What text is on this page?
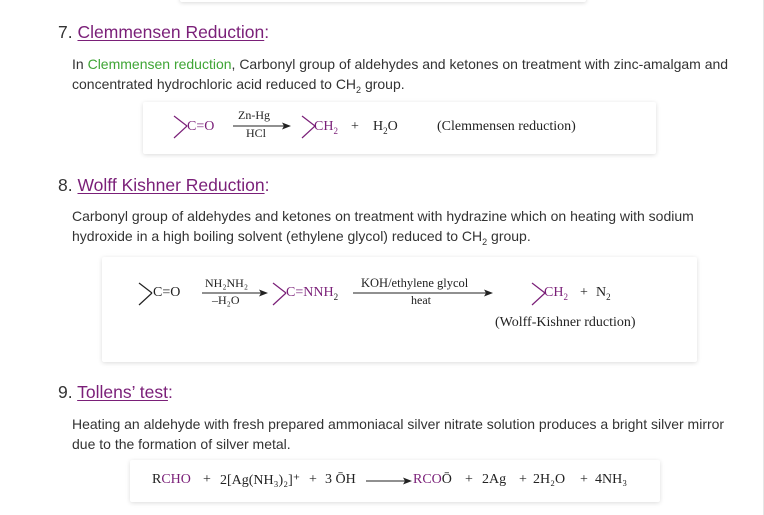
7. Clemmensen Reduction:
In Clemmensen reduction, Carbonyl group of aldehydes and ketones on treatment with zinc-amalgam and concentrated hydrochloric acid reduced to $CH_2$ group.
C=O
Zn-Hg
HCl	$CH_2 + H_2O$	(Clemmensen reduction)
8. Wolff Kishner Reduction:
Carbonyl group of aldehydes and ketones on treatment with hydrazine which on heating with sodium hydroxide in a high boiling solvent (ethylene glycol) reduced to $CH_2$ group.
C=O
NH₂NH₂
–H₂O	$C=NNH_2$
KOH/ethylene glycol
heat	$CH_2 + N_2$
(Wolff-Kishner rduction)
9. Tollens’ test:
Heating an aldehyde with fresh prepared ammoniacal silver nitrate solution produces a bright silver mirror due to the formation of silver metal.
RCHO + 2[Ag(NH₃)₂]⁺ + 3 ŌH → RCOŌ + 2Ag + 2H₂O + 4NH₃
